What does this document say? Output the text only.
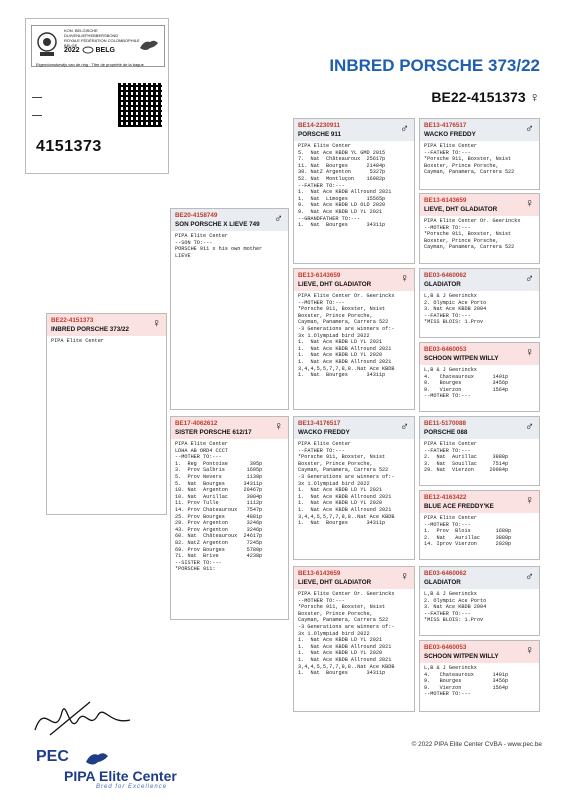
KON. BELGISCHE DUIVENLIEFHEBBERSBOND
ROYALE FÉDÉRATION COLOMBOPHILE BELGE
2022 BELG
Eigendomsbewijs van de ring · Titre de propriété de la bague
4151373
INBRED PORSCHE 373/22
BE22-4151373 ♀
BE22-4151373
INBRED PORSCHE 373/22	♀
PIPA Elite Center
BE20-4158749
SON PORSCHE X LIEVE 749	♂
PIPA Elite Center
--SON TO:---
PORSCHE 911 x his own mother
LIEVE
BE17-4062612
SISTER PORSCHE 612/17	♀
PIPA Elite Center
LDHA AB ORD4 CCCT
--MOTHER TO:---
1.  Reg  Pontoise       395p
3.  Prov Salbris       1605p
5.  Prov Nevers        1139p
5.  Nat  Bourges      34311p
10. Nat  Argenton     20467p
10. Nat  Aurillac      3004p
11. Prov Tulle         1112p
14. Prov Chateauroux   7547p
25. Prov Bourges       4881p
29. Prov Argenton      3246p
43. Prov Argenton      3246p
60. Nat  Châteauroux  24617p
82. NatZ Argenton      7245p
69. Prov Bourges       5780p
71. Nat  Brive         4238p
--SISTER TO:---
*PORSCHE 911:
BE14-2230911
PORSCHE 911	♂
PIPA Elite Center
5.  Nat Ace KBDB YL GMD 2015
7.  Nat  Châteauroux  25617p
11. Nat  Bourges      21484p
38. NatZ Argenton      5327p
52. Nat  Montluçon    16982p
--FATHER TO:---
1.  Nat Ace KBDB Allround 2021
1.  Nat  Limoges      15565p
9.  Nat Ace KBDB LD OLD 2020
9.  Nat Ace KBDB LD YL 2021
--GRANDFATHER TO:---
1.  Nat  Bourges      34311p
BE13-6143659
LIEVE, DHT GLADIATOR	♀
PIPA Elite Center Or. Geerinckx
--MOTHER TO:---
*Porsche 911, Boxster, Nsist
Boxster, Prince Porsche,
Cayman, Panamera, Carrera 522
-3 Generations are winners of:-
3x 1.Olympiad bird 2022
1.  Nat Ace KBDB LD YL 2021
1.  Nat Ace KBDB Allround 2021
1.  Nat Ace KBDB LD YL 2020
1.  Nat Ace KBDB Allround 2021
3,4,4,5,5,7,7,8,8..Nat Ace KBDB
1.  Nat  Bourges      34311p
BE13-4176517
WACKO FREDDY	♂
PIPA Elite Center
--FATHER TO:---
*Porsche 911, Boxster, Nsist
Boxster, Prince Porsche,
Cayman, Panamera, Carrera 522
-3 Generations are winners of:-
3x 1.Olympiad bird 2022
1.  Nat Ace KBDB LD YL 2021
1.  Nat Ace KBDB Allround 2021
1.  Nat Ace KBDB LD YL 2020
1.  Nat Ace KBDB Allround 2021
3,4,4,5,5,7,7,8,8..Nat Ace KBDB
1.  Nat  Bourges      34311p
BE13-6143659
LIEVE, DHT GLADIATOR	♀
PIPA Elite Center Or. Geerinckx
--MOTHER TO:---
*Porsche 911, Boxster, Nsist
Boxster, Prince Porsche,
Cayman, Panamera, Carrera 522
-3 Generations are winners of:-
3x 1.Olympiad bird 2022
1.  Nat Ace KBDB LD YL 2021
1.  Nat Ace KBDB Allround 2021
1.  Nat Ace KBDB LD YL 2020
1.  Nat Ace KBDB Allround 2021
3,4,4,5,5,7,7,8,8..Nat Ace KBDB
1.  Nat  Bourges      34311p
BE13-4176517
WACKO FREDDY	♂
PIPA Elite Center
--FATHER TO:---
*Porsche 911, Boxster, Nsist
Boxster, Prince Porsche,
Cayman, Panamera, Carrera 522
BE13-6143659
LIEVE, DHT GLADIATOR	♀
PIPA Elite Center Or. Geerinckx
--MOTHER TO:---
*Porsche 911, Boxster, Nsist
Boxster, Prince Porsche,
Cayman, Panamera, Carrera 522
BE03-6460062
GLADIATOR	♂
L,B & J Geerinckx
2. Olympic Ace Porto
3. Nat Ace KBDB 2004
--FATHER TO:---
*MISS BLOIS: 1.Prov
BE03-6460053
SCHOON WITPEN WILLY	♀
L,B & J Geerinckx
4.   Chateauroux      1401p
9.   Bourges          3456p
9.   Vierzon          1564p
--MOTHER TO:---
BE11-5170088
PORSCHE 088	♂
PIPA Elite Center
--FATHER TO:---
2.  Nat  Aurillac     3888p
3.  Nat  Souillac     7514p
29. Nat  Vierzon     20984p
BE12-4163422
BLUE ACE FREDDY'KE	♀
PIPA Elite Center
--MOTHER TO:---
1.  Prov  Blois        1680p
2.  Nat   Aurillac     3888p
14. Iprov Vierzon      2020p
BE03-6460062
GLADIATOR	♂
L,B & J Geerinckx
2. Olympic Ace Porto
3. Nat Ace KBDB 2004
--FATHER TO:---
*MISS BLOIS: 1.Prov
BE03-6460053
SCHOON WITPEN WILLY	♀
L,B & J Geerinckx
4.   Chateauroux      1401p
9.   Bourges          3456p
9.   Vierzon          1564p
--MOTHER TO:---
© 2022 PIPA Elite Center CVBA - www.pec.be
PEC
PIPA Elite Center
Bred for Excellence
